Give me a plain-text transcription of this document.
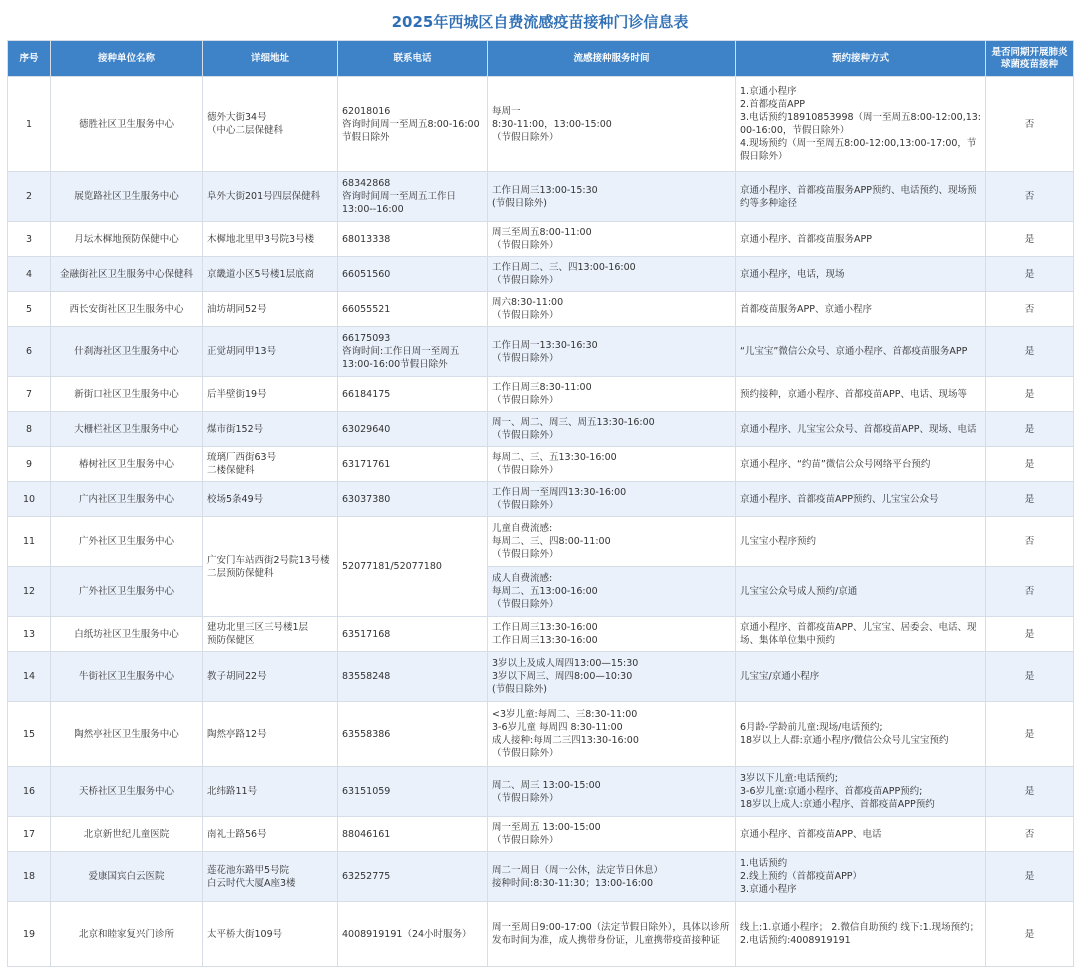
2025年西城区自费流感疫苗接种门诊信息表
序号	接种单位名称	详细地址	联系电话	流感接种服务时间	预约接种方式	是否同期开展肺炎球菌疫苗接种
1	德胜社区卫生服务中心	德外大街34号
（中心二层保健科	62018016
咨询时间周一至周五8:00-16:00
节假日除外	每周一
8:30-11:00，13:00-15:00
（节假日除外）	1.京通小程序
2.首都疫苗APP
3.电话预约18910853998（周一至周五8:00-12:00,13:00-16:00，节假日除外）
4.现场预约（周一至周五8:00-12:00,13:00-17:00，节假日除外）	否
2	展览路社区卫生服务中心	阜外大街201号四层保健科	68342868
咨询时间周一至周五工作日
13:00--16:00	工作日周三13:00-15:30
(节假日除外)	京通小程序、首都疫苗服务APP预约、电话预约、现场预约等多种途径	否
3	月坛木樨地预防保健中心	木樨地北里甲3号院3号楼	68013338	周三至周五8:00-11:00
（节假日除外）	京通小程序、首都疫苗服务APP	是
4	金融街社区卫生服务中心保健科	京畿道小区5号楼1层底商	66051560	工作日周二、三、四13:00-16:00
（节假日除外）	京通小程序，电话，现场	是
5	西长安街社区卫生服务中心	油坊胡同52号	66055521	周六8:30-11:00
（节假日除外）	首都疫苗服务APP、京通小程序	否
6	什刹海社区卫生服务中心	正觉胡同甲13号	66175093
咨询时间:工作日周一至周五
13:00-16:00节假日除外	工作日周一13:30-16:30
（节假日除外）	“儿宝宝”微信公众号、京通小程序、首都疫苗服务APP	是
7	新街口社区卫生服务中心	后半壁街19号	66184175	工作日周三8:30-11:00
（节假日除外）	预约接种，京通小程序、首都疫苗APP、电话、现场等	是
8	大栅栏社区卫生服务中心	煤市街152号	63029640	周一、周二、周三、周五13:30-16:00
（节假日除外）	京通小程序、儿宝宝公众号、首都疫苗APP、现场、电话	是
9	椿树社区卫生服务中心	琉璃厂西街63号
二楼保健科	63171761	每周二、三、五13:30-16:00
（节假日除外）	京通小程序、“约苗”微信公众号网络平台预约	是
10	广内社区卫生服务中心	校场5条49号	63037380	工作日周一至周四13:30-16:00
（节假日除外）	京通小程序、首都疫苗APP预约、儿宝宝公众号	是
11	广外社区卫生服务中心	广安门车站西街2号院13号楼二层预防保健科	52077181/52077180	儿童自费流感:
每周二、三、四8:00-11:00
（节假日除外）	儿宝宝小程序预约	否
12	广外社区卫生服务中心			成人自费流感:
每周二、五13:00-16:00
（节假日除外）	儿宝宝公众号成人预约/京通	否
13	白纸坊社区卫生服务中心	建功北里三区三号楼1层
预防保健区	63517168	工作日周三13:30-16:00
工作日周三13:30-16:00	京通小程序、首都疫苗APP、儿宝宝、居委会、电话、现场、集体单位集中预约	是
14	牛街社区卫生服务中心	教子胡同22号	83558248	3岁以上及成人周四13:00—15:30
3岁以下周三、周四8:00—10:30
(节假日除外)	儿宝宝/京通小程序	是
15	陶然亭社区卫生服务中心	陶然亭路12号	63558386	<3岁儿童:每周二、三8:30-11:00
3-6岁儿童 每周四 8:30-11:00
成人接种:每周二三四13:30-16:00
（节假日除外）	6月龄-学龄前儿童:现场/电话预约;
18岁以上人群:京通小程序/微信公众号儿宝宝预约	是
16	天桥社区卫生服务中心	北纬路11号	63151059	周二、周三 13:00-15:00
（节假日除外）	3岁以下儿童:电话预约;
3-6岁儿童:京通小程序、首都疫苗APP预约;
18岁以上成人:京通小程序、首都疫苗APP预约	是
17	北京新世纪儿童医院	南礼士路56号	88046161	周一至周五 13:00-15:00
（节假日除外）	京通小程序、首都疫苗APP、电话	否
18	爱康国宾白云医院	莲花池东路甲5号院
白云时代大厦A座3楼	63252775	周二一周日（周一公休，法定节日休息）
接种时间:8:30-11:30；13:00-16:00	1.电话预约
2.线上预约（首都疫苗APP）
3.京通小程序	是
19	北京和睦家复兴门诊所	太平桥大街109号	4008919191（24小时服务）	周一至周日9:00-17:00（法定节假日除外），具体以诊所发布时间为准，成人携带身份证，儿童携带疫苗接种证	线上:1.京通小程序； 2.微信自助预约 线下:1.现场预约；
2.电话预约:4008919191	是
